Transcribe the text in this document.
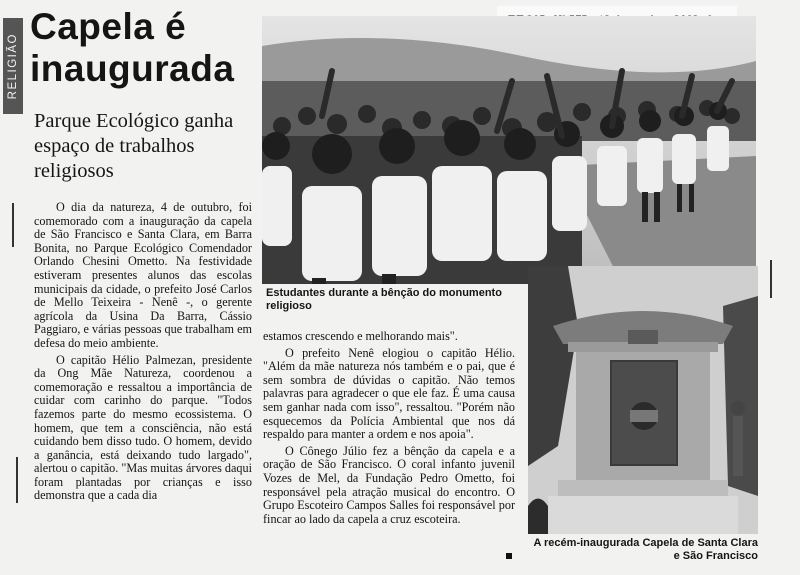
RELIGIÃO
Capela é inaugurada
Parque Ecológico ganha espaço de trabalhos religiosos

O dia da natureza, 4 de outubro, foi comemorado com a inauguração da capela de São Francisco e Santa Clara, em Barra Bonita, no Parque Ecológico Comendador Orlando Chesini Ometto. Na festividade estiveram presentes alunos das escolas municipais da cidade, o prefeito José Carlos de Mello Teixeira - Nenê -, o gerente agrícola da Usina Da Barra, Cássio Paggiaro, e várias pessoas que trabalham em defesa do meio ambiente.

O capitão Hélio Palmezan, presidente da Ong Mãe Natureza, coordenou a comemoração e ressaltou a importância de cuidar com carinho do parque. "Todos fazemos parte do mesmo ecossistema. O homem, que tem a consciência, não está cuidando bem disso tudo. O homem, devido a ganância, está deixando tudo largado", alertou o capitão. "Mas muitas árvores daqui foram plantadas por crianças e isso demonstra que a cada dia

estamos crescendo e melhorando mais".

O prefeito Nenê elogiou o capitão Hélio. "Além da mãe natureza nós também e o pai, que é sem sombra de dúvidas o capitão. Não temos palavras para agradecer o que ele faz. É uma causa sem ganhar nada com isso", ressaltou. "Porém não esquecemos da Polícia Ambiental que nos dá respaldo para manter a ordem e nos apoia".

O Cônego Júlio fez a bênção da capela e a oração de São Francisco. O coral infanto juvenil Vozes de Mel, da Fundação Pedro Ometto, foi responsável pela atração musical do encontro. O Grupo Escoteiro Campos Salles foi responsável por fincar ao lado da capela a cruz escoteira.

Estudantes durante a bênção do monumento religioso
A recém-inaugurada Capela de Santa Clara e São Francisco
